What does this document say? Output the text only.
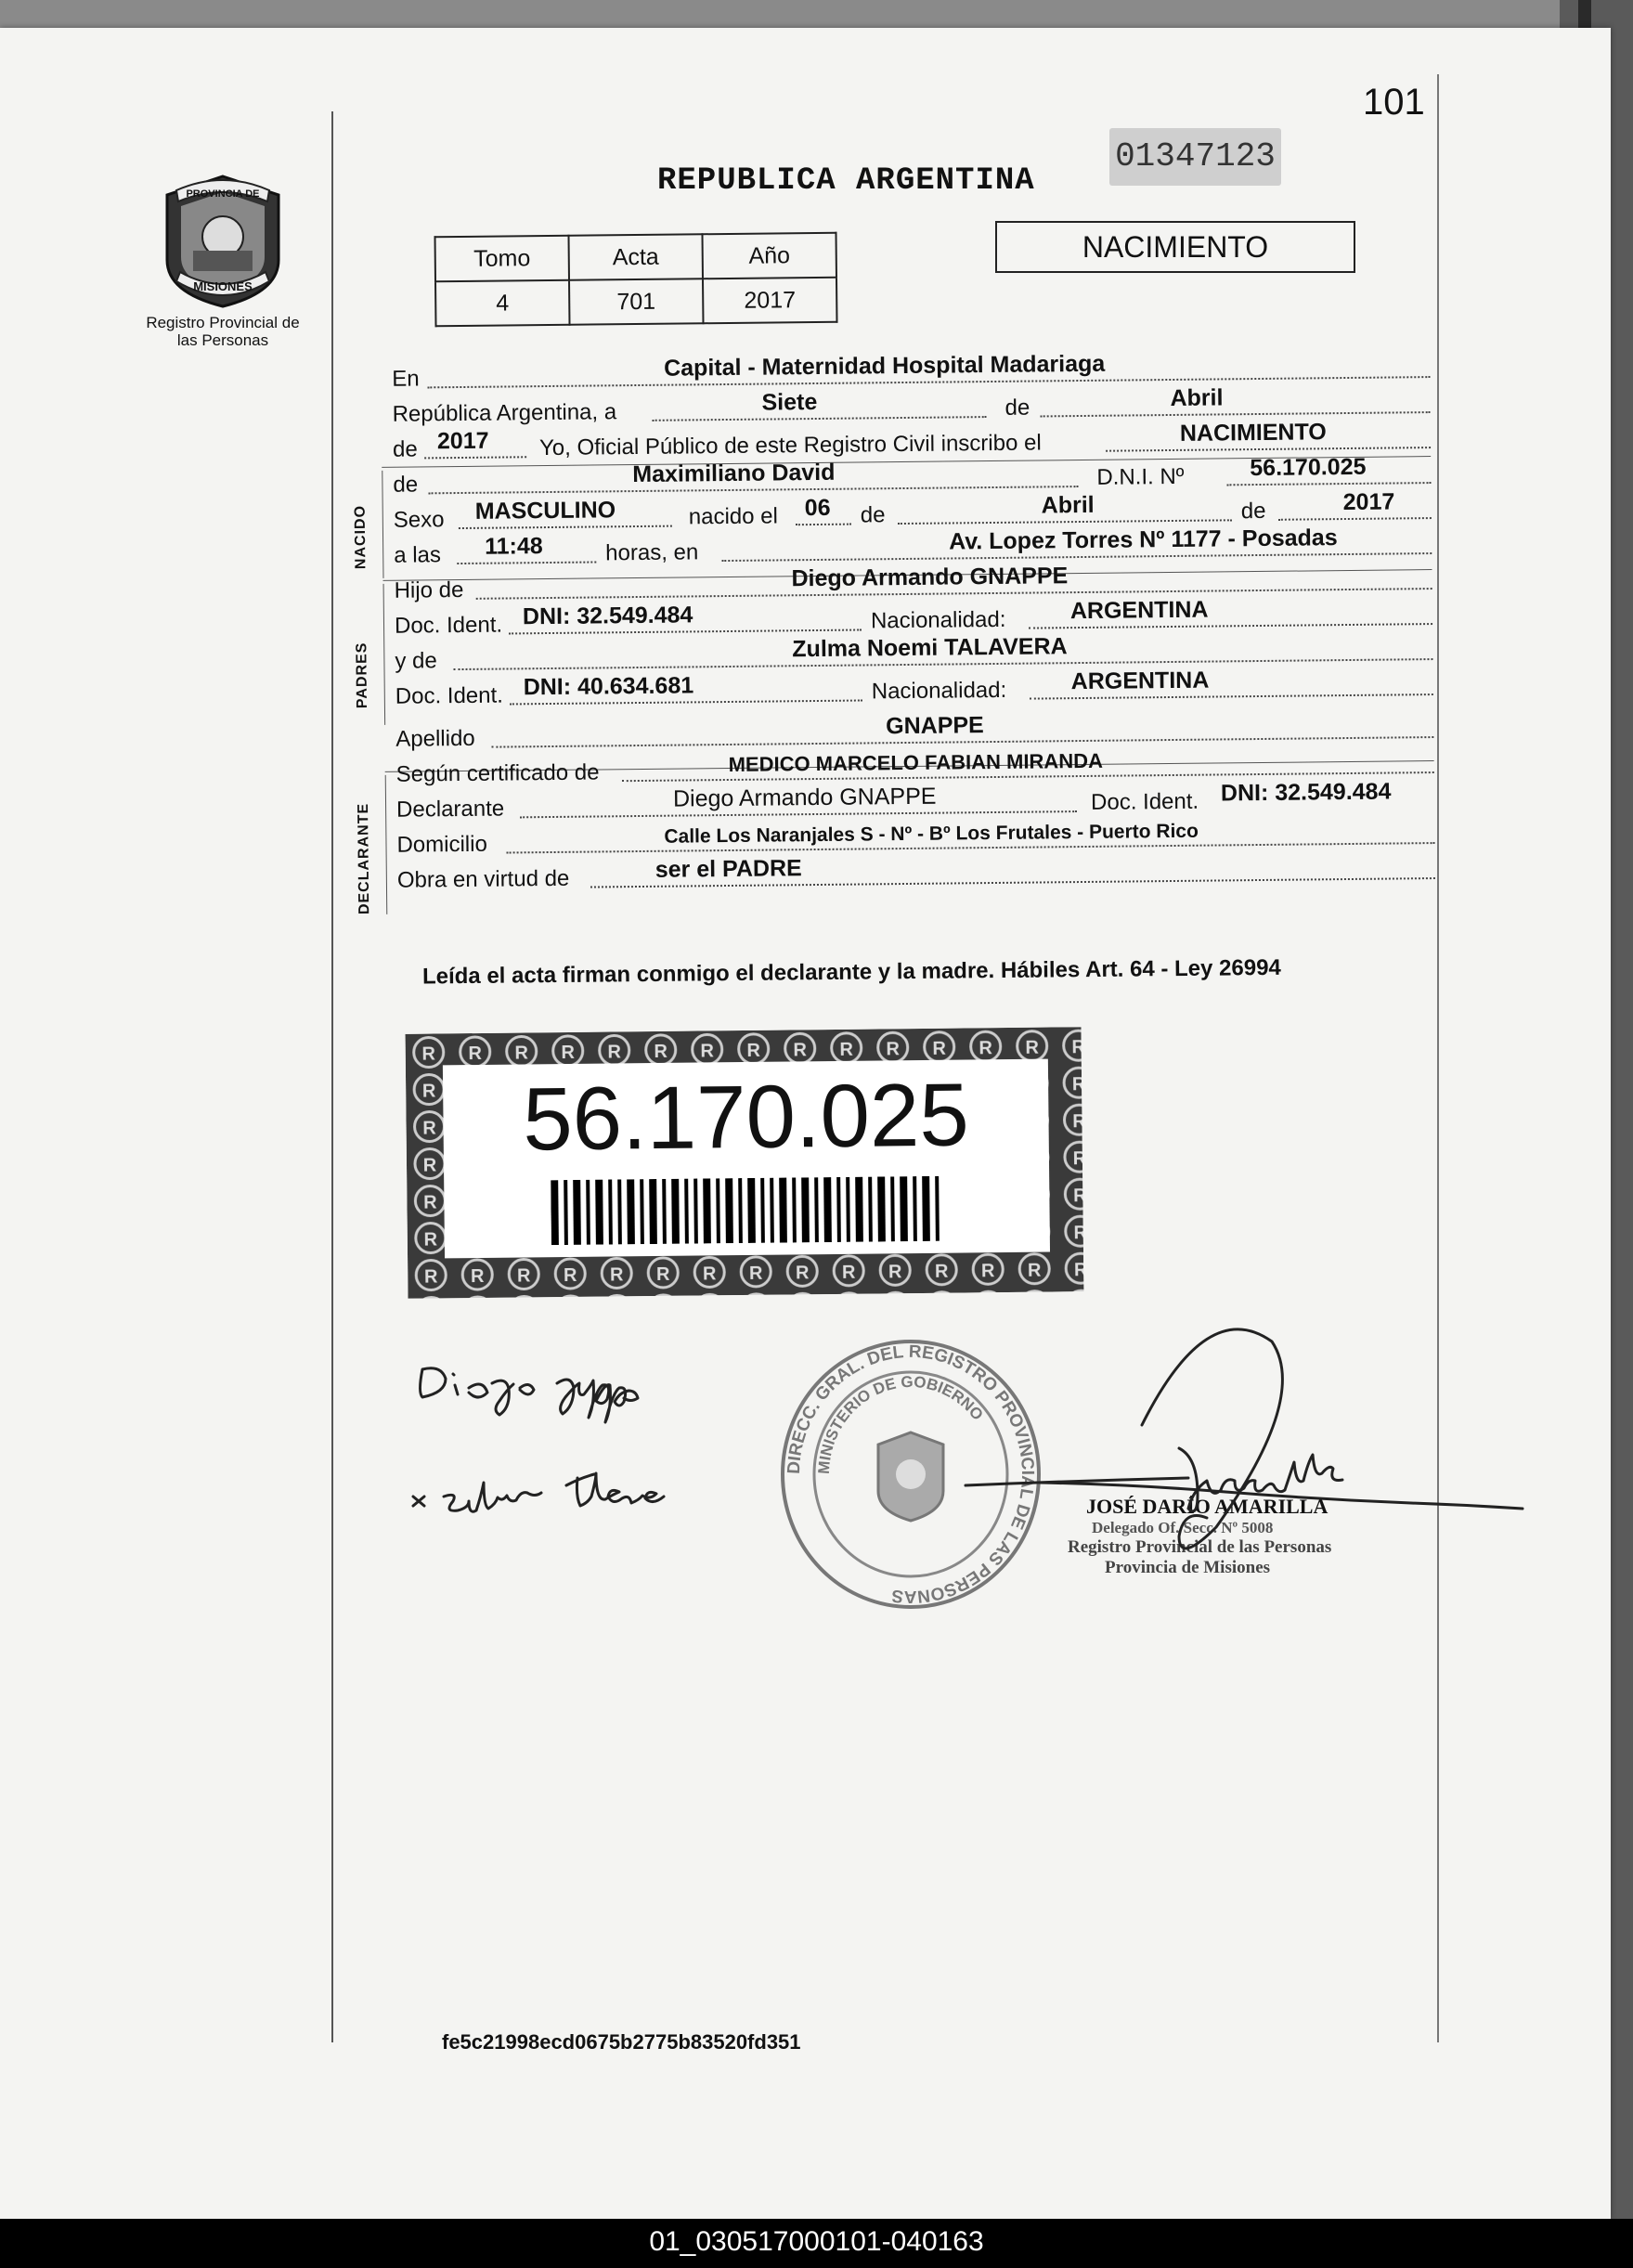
101
PROVINCIA DE
MISIONES
Registro Provincial de las Personas
REPUBLICA ARGENTINA
01347123
Tomo	Acta	Año
4	701	2017
NACIMIENTO
En	Capital - Maternidad Hospital Madariaga
República Argentina, a	Siete	de	Abril
de 2017 Yo, Oficial Público de este Registro Civil inscribo el	NACIMIENTO
NACIDO
de	Maximiliano David	D.N.I. Nº	56.170.025
Sexo MASCULINO	nacido el 06 de	Abril	de	2017
a las 11:48	horas, en	Av. Lopez Torres Nº 1177 - Posadas
PADRES
Hijo de	Diego Armando GNAPPE
Doc. Ident. DNI: 32.549.484	Nacionalidad:	ARGENTINA
y de	Zulma Noemi TALAVERA
Doc. Ident. DNI: 40.634.681	Nacionalidad:	ARGENTINA
Apellido	GNAPPE
DECLARANTE
Según certificado de	MEDICO MARCELO FABIAN MIRANDA
Declarante	Diego Armando GNAPPE	Doc. Ident. DNI: 32.549.484
Domicilio	Calle Los Naranjales S - Nº - Bº Los Frutales - Puerto Rico
Obra en virtud de	ser el PADRE
Leída el acta firman conmigo el declarante y la madre. Hábiles Art. 64 - Ley 26994
56.170.025
DIRECC. GRAL. DEL REGISTRO PROVINCIAL DE LAS PERSONAS
MINISTERIO DE GOBIERNO
JOSÉ DARÍO AMARILLA
Delegado Of. Secc. Nº 5008
Registro Provincial de las Personas
Provincia de Misiones
fe5c21998ecd0675b2775b83520fd351
01_030517000101-040163
